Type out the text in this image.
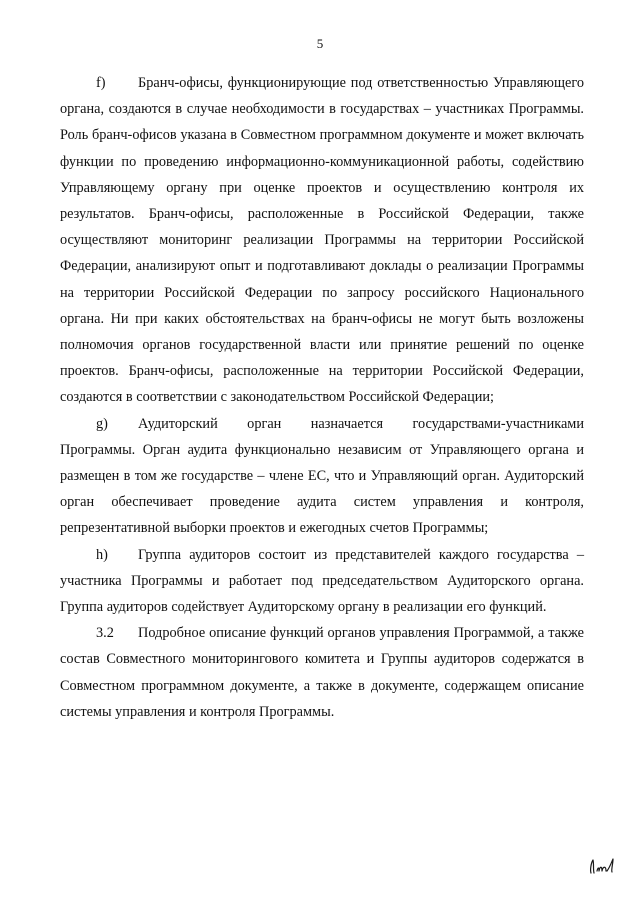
5

f) Бранч-офисы, функционирующие под ответственностью Управляющего органа, создаются в случае необходимости в государствах – участниках Программы. Роль бранч-офисов указана в Совместном программном документе и может включать функции по проведению информационно-коммуникационной работы, содействию Управляющему органу при оценке проектов и осуществлению контроля их результатов. Бранч-офисы, расположенные в Российской Федерации, также осуществляют мониторинг реализации Программы на территории Российской Федерации, анализируют опыт и подготавливают доклады о реализации Программы на территории Российской Федерации по запросу российского Национального органа. Ни при каких обстоятельствах на бранч-офисы не могут быть возложены полномочия органов государственной власти или принятие решений по оценке проектов. Бранч-офисы, расположенные на территории Российской Федерации, создаются в соответствии с законодательством Российской Федерации;

g) Аудиторский орган назначается государствами-участниками Программы. Орган аудита функционально независим от Управляющего органа и размещен в том же государстве – члене ЕС, что и Управляющий орган. Аудиторский орган обеспечивает проведение аудита систем управления и контроля, репрезентативной выборки проектов и ежегодных счетов Программы;

h) Группа аудиторов состоит из представителей каждого государства – участника Программы и работает под председательством Аудиторского органа. Группа аудиторов содействует Аудиторскому органу в реализации его функций.

3.2 Подробное описание функций органов управления Программой, а также состав Совместного мониторингового комитета и Группы аудиторов содержатся в Совместном программном документе, а также в документе, содержащем описание системы управления и контроля Программы.
